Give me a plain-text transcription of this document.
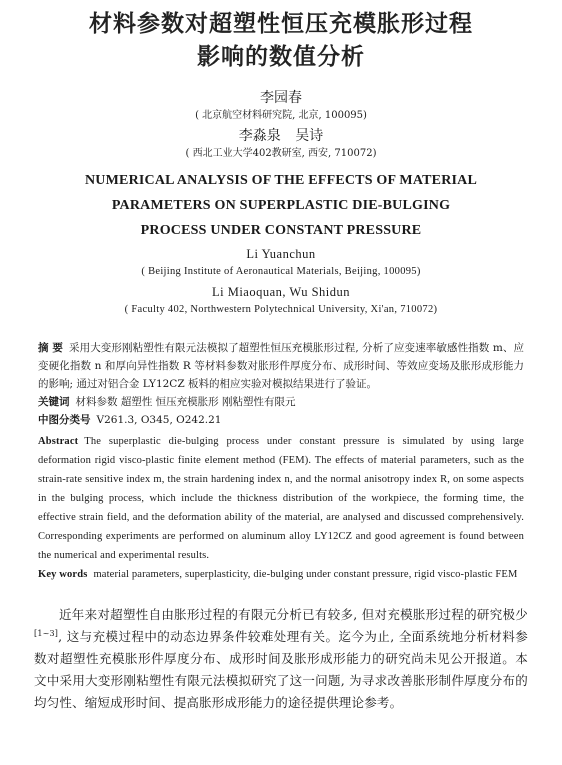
材料参数对超塑性恒压充模胀形过程
影响的数值分析
李园春
( 北京航空材料研究院, 北京, 100095)
李淼泉 吴诗
( 西北工业大学402教研室, 西安, 710072)
NUMERICAL ANALYSIS OF THE EFFECTS OF MATERIAL
PARAMETERS ON SUPERPLASTIC DIE-BULGING
PROCESS UNDER CONSTANT PRESSURE
Li Yuanchun
( Beijing Institute of Aeronautical Materials, Beijing, 100095)
Li Miaoquan, Wu Shidun
( Faculty 402, Northwestern Polytechnical University, Xi'an, 710072)
摘 要 采用大变形刚粘塑性有限元法模拟了超塑性恒压充模胀形过程, 分析了应变速率敏感性指数 m、应变硬化指数 n 和厚向异性指数 R 等材料参数对胀形件厚度分布、成形时间、等效应变场及胀形成形能力的影响; 通过对铝合金 LY12CZ 板料的相应实验对模拟结果进行了验证。
关键词 材料参数 超塑性 恒压充模胀形 刚粘塑性有限元
中图分类号 V261.3, O345, O242.21
Abstract The superplastic die-bulging process under constant pressure is simulated by using large deformation rigid visco-plastic finite element method (FEM). The effects of material parameters, such as the strain-rate sensitive index m, the strain hardening index n, and the normal anisotropy index R, on some aspects in the bulging process, which include the thickness distribution of the workpiece, the forming time, the effective strain field, and the deformation ability of the material, are analysed and discussed comprehensively. Corresponding experiments are performed on aluminum alloy LY12CZ and good agreement is found between the numerical and experimental results.
Key words material parameters, superplasticity, die-bulging under constant pressure, rigid visco-plastic FEM

近年来对超塑性自由胀形过程的有限元分析已有较多, 但对充模胀形过程的研究极少[1~3], 这与充模过程中的动态边界条件较难处理有关。迄今为止, 全面系统地分析材料参数对超塑性充模胀形件厚度分布、成形时间及胀形成形能力的研究尚未见公开报道。本文中采用大变形刚粘塑性有限元法模拟研究了这一问题, 为寻求改善胀形制件厚度分布的均匀性、缩短成形时间、提高胀形成形能力的途径提供理论参考。
